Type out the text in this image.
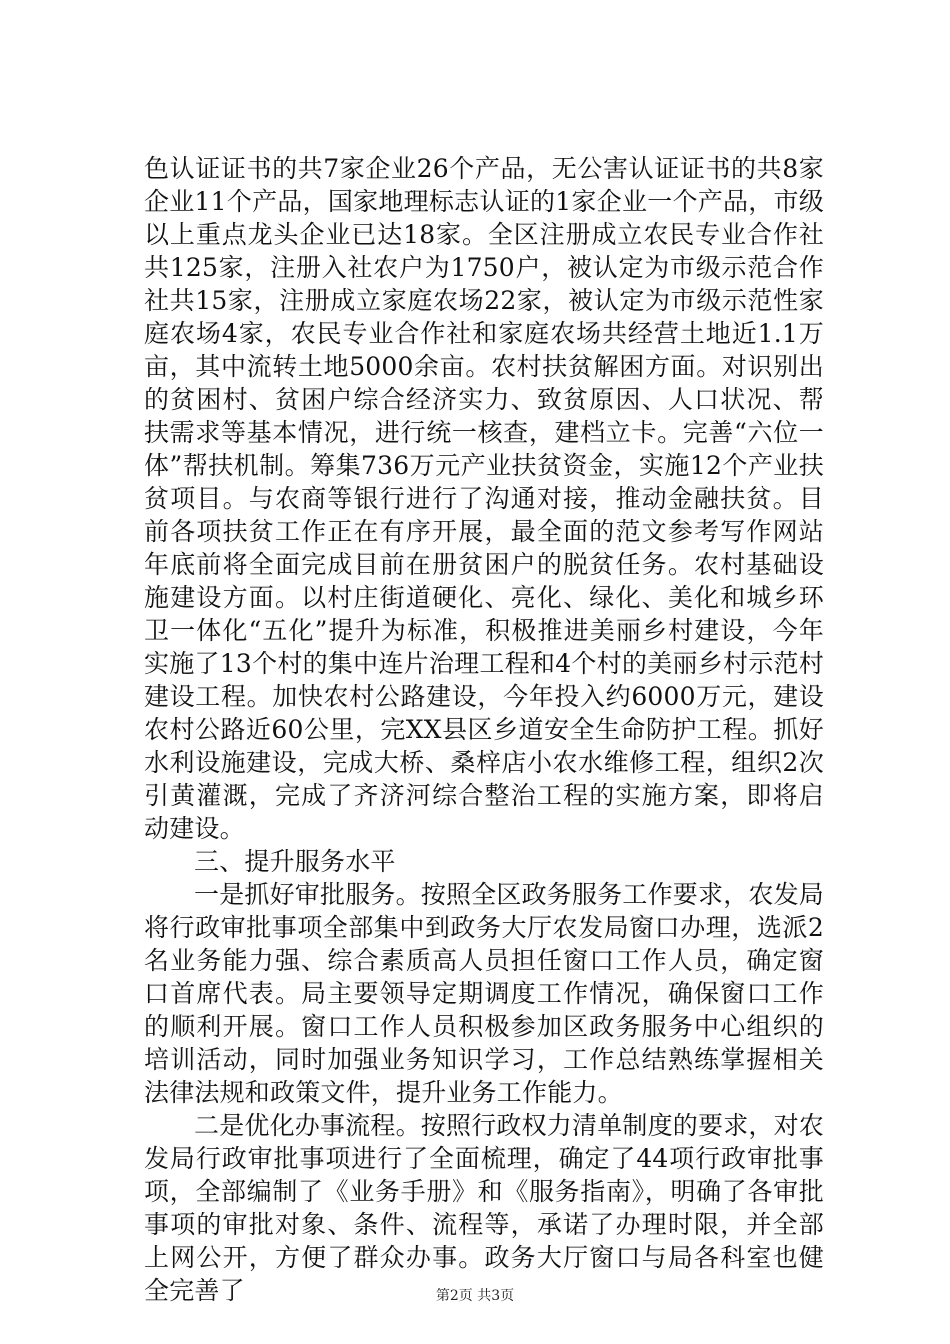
色认证证书的共7家企业26个产品，无公害认证证书的共8家企业11个产品，国家地理标志认证的1家企业一个产品，市级以上重点龙头企业已达18家。全区注册成立农民专业合作社共125家，注册入社农户为1750户，被认定为市级示范合作社共15家，注册成立家庭农场22家，被认定为市级示范性家庭农场4家，农民专业合作社和家庭农场共经营土地近1.1万亩，其中流转土地5000余亩。农村扶贫解困方面。对识别出的贫困村、贫困户综合经济实力、致贫原因、人口状况、帮扶需求等基本情况，进行统一核查，建档立卡。完善“六位一体”帮扶机制。筹集736万元产业扶贫资金，实施12个产业扶贫项目。与农商等银行进行了沟通对接，推动金融扶贫。目前各项扶贫工作正在有序开展，最全面的范文参考写作网站年底前将全面完成目前在册贫困户的脱贫任务。农村基础设施建设方面。以村庄街道硬化、亮化、绿化、美化和城乡环卫一体化“五化”提升为标准，积极推进美丽乡村建设，今年实施了13个村的集中连片治理工程和4个村的美丽乡村示范村建设工程。加快农村公路建设，今年投入约6000万元，建设农村公路近60公里，完XX县区乡道安全生命防护工程。抓好水利设施建设，完成大桥、桑梓店小农水维修工程，组织2次引黄灌溉，完成了齐济河综合整治工程的实施方案，即将启动建设。

三、提升服务水平

一是抓好审批服务。按照全区政务服务工作要求，农发局将行政审批事项全部集中到政务大厅农发局窗口办理，选派2名业务能力强、综合素质高人员担任窗口工作人员，确定窗口首席代表。局主要领导定期调度工作情况，确保窗口工作的顺利开展。窗口工作人员积极参加区政务服务中心组织的培训活动，同时加强业务知识学习，工作总结熟练掌握相关法律法规和政策文件，提升业务工作能力。

二是优化办事流程。按照行政权力清单制度的要求，对农发局行政审批事项进行了全面梳理，确定了44项行政审批事项，全部编制了《业务手册》和《服务指南》，明确了各审批事项的审批对象、条件、流程等，承诺了办理时限，并全部上网公开，方便了群众办事。政务大厅窗口与局各科室也健全完善了	第2页 共3页
